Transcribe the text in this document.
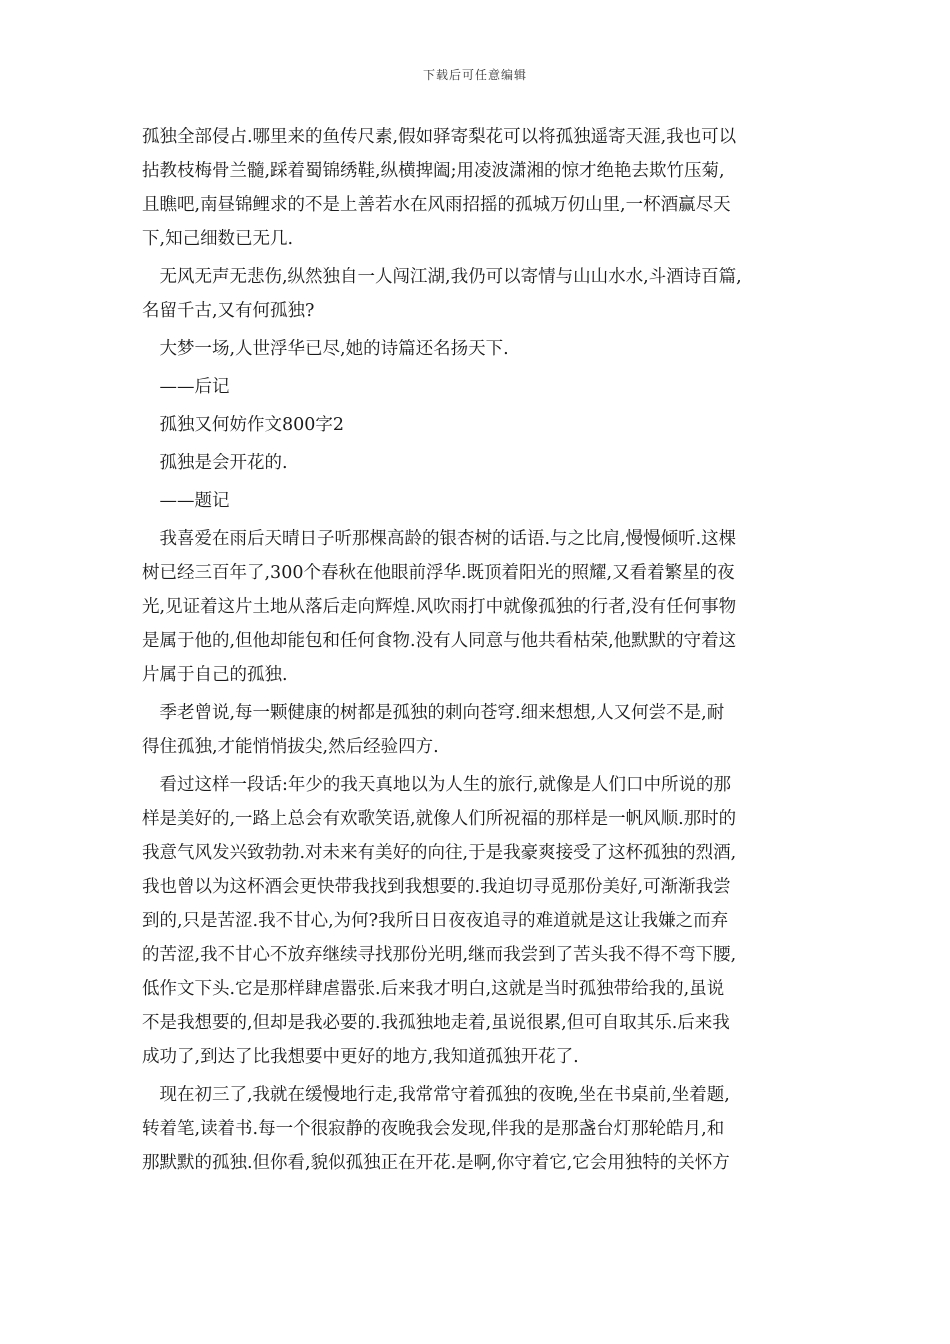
下载后可任意编辑
孤独全部侵占.哪里来的鱼传尺素,假如驿寄梨花可以将孤独遥寄天涯,我也可以
拈教枝梅骨兰髓,踩着蜀锦绣鞋,纵横捭阖;用凌波潇湘的惊才绝艳去欺竹压菊,
且瞧吧,南昼锦鲤求的不是上善若水在风雨招摇的孤城万仞山里,一杯酒赢尽天
下,知己细数已无几.
无风无声无悲伤,纵然独自一人闯江湖,我仍可以寄情与山山水水,斗酒诗百篇,
名留千古,又有何孤独?
大梦一场,人世浮华已尽,她的诗篇还名扬天下.
——后记
孤独又何妨作文800字2
孤独是会开花的.
——题记
我喜爱在雨后天晴日子听那棵高龄的银杏树的话语.与之比肩,慢慢倾听.这棵
树已经三百年了,300个春秋在他眼前浮华.既顶着阳光的照耀,又看着繁星的夜
光,见证着这片土地从落后走向辉煌.风吹雨打中就像孤独的行者,没有任何事物
是属于他的,但他却能包和任何食物.没有人同意与他共看枯荣,他默默的守着这
片属于自己的孤独.
季老曾说,每一颗健康的树都是孤独的刺向苍穹.细来想想,人又何尝不是,耐
得住孤独,才能悄悄拔尖,然后经验四方.
看过这样一段话:年少的我天真地以为人生的旅行,就像是人们口中所说的那
样是美好的,一路上总会有欢歌笑语,就像人们所祝福的那样是一帆风顺.那时的
我意气风发兴致勃勃.对未来有美好的向往,于是我豪爽接受了这杯孤独的烈酒,
我也曾以为这杯酒会更快带我找到我想要的.我迫切寻觅那份美好,可渐渐我尝
到的,只是苦涩.我不甘心,为何?我所日日夜夜追寻的难道就是这让我嫌之而弃
的苦涩,我不甘心不放弃继续寻找那份光明,继而我尝到了苦头我不得不弯下腰,
低作文下头.它是那样肆虐嚣张.后来我才明白,这就是当时孤独带给我的,虽说
不是我想要的,但却是我必要的.我孤独地走着,虽说很累,但可自取其乐.后来我
成功了,到达了比我想要中更好的地方,我知道孤独开花了.
现在初三了,我就在缓慢地行走,我常常守着孤独的夜晚,坐在书桌前,坐着题,
转着笔,读着书.每一个很寂静的夜晚我会发现,伴我的是那盏台灯那轮皓月,和
那默默的孤独.但你看,貌似孤独正在开花.是啊,你守着它,它会用独特的关怀方
